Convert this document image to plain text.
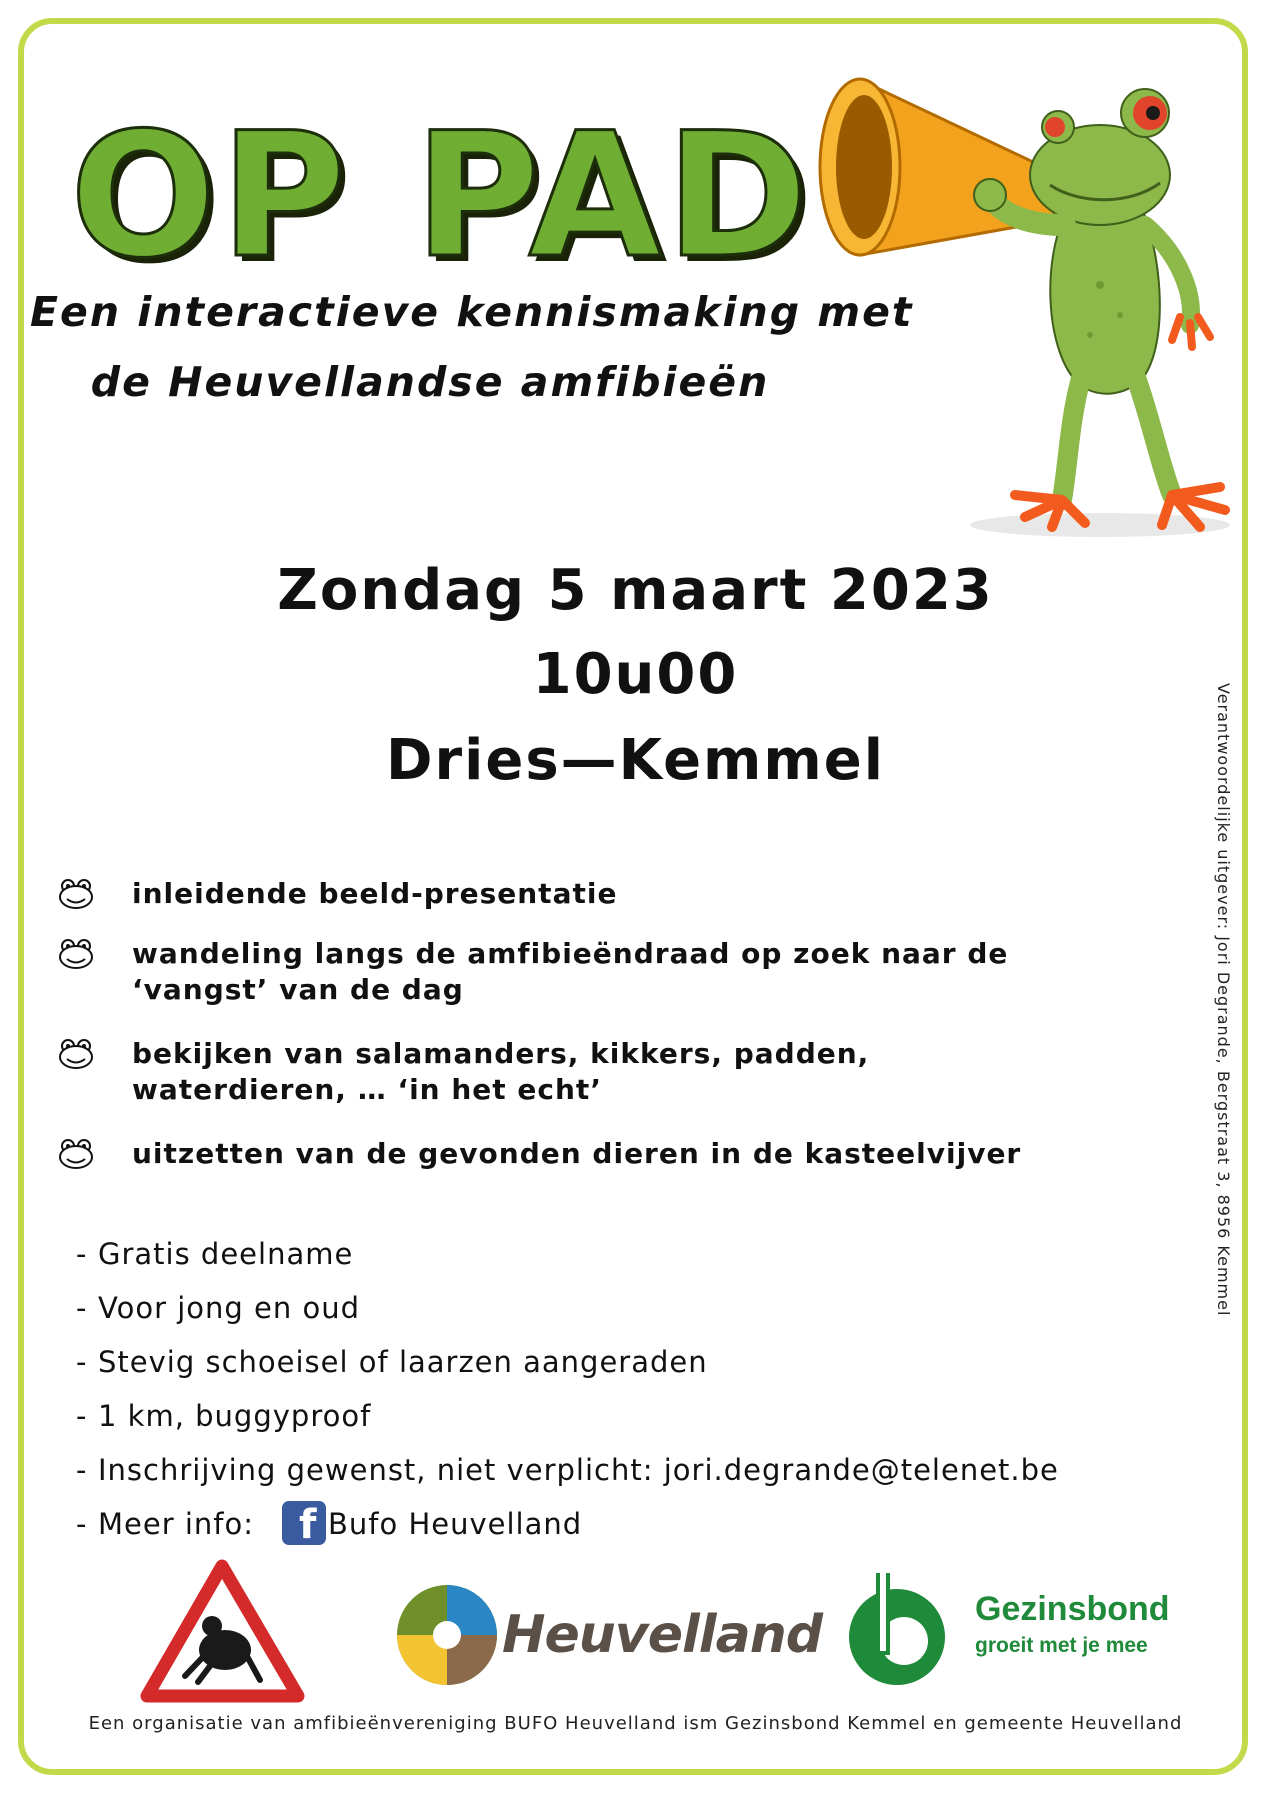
OP PAD
Een interactieve kennismaking met
de Heuvellandse amfibieën
Zondag 5 maart 2023
10u00
Dries—Kemmel	Verantwoordelijke uitgever: Jori Degrande, Bergstraat 3, 8956 Kemmel
inleidende beeld-presentatie
wandeling langs de amfibieëndraad op zoek naar de ‘vangst’ van de dag
bekijken van salamanders, kikkers, padden, waterdieren, … ‘in het echt’
uitzetten van de gevonden dieren in de kasteelvijver
- Gratis deelname
- Voor jong en oud
- Stevig schoeisel of laarzen aangeraden
- 1 km, buggyproof
- Inschrijving gewenst, niet verplicht: jori.degrande@telenet.be
- Meer info: f Bufo Heuvelland
Heuvelland	Gezinsbond
groeit met je mee
Een organisatie van amfibieënvereniging BUFO Heuvelland ism Gezinsbond Kemmel en gemeente Heuvelland
